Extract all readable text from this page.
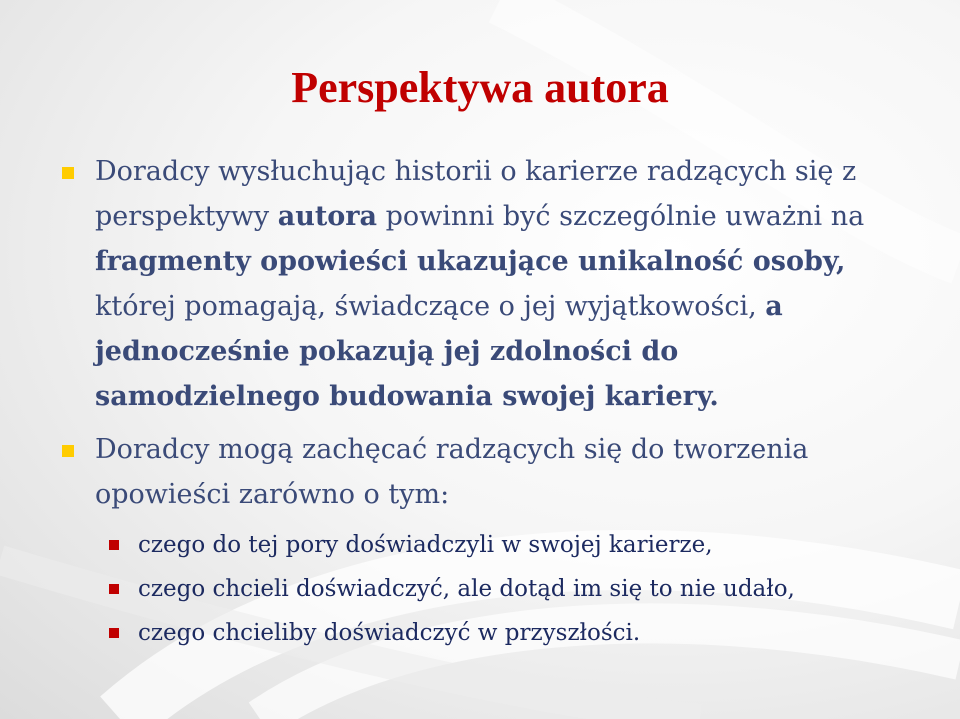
Perspektywa autora
Doradcy wysłuchując historii o karierze radzących się z perspektywy autora powinni być szczególnie uważni na fragmenty opowieści ukazujące unikalność osoby, której pomagają, świadczące o jej wyjątkowości, a jednocześnie pokazują jej zdolności do samodzielnego budowania swojej kariery.
Doradcy mogą zachęcać radzących się do tworzenia opowieści zarówno o tym:
czego do tej pory doświadczyli w swojej karierze,
czego chcieli doświadczyć, ale dotąd im się to nie udało,
czego chcieliby doświadczyć w przyszłości.
